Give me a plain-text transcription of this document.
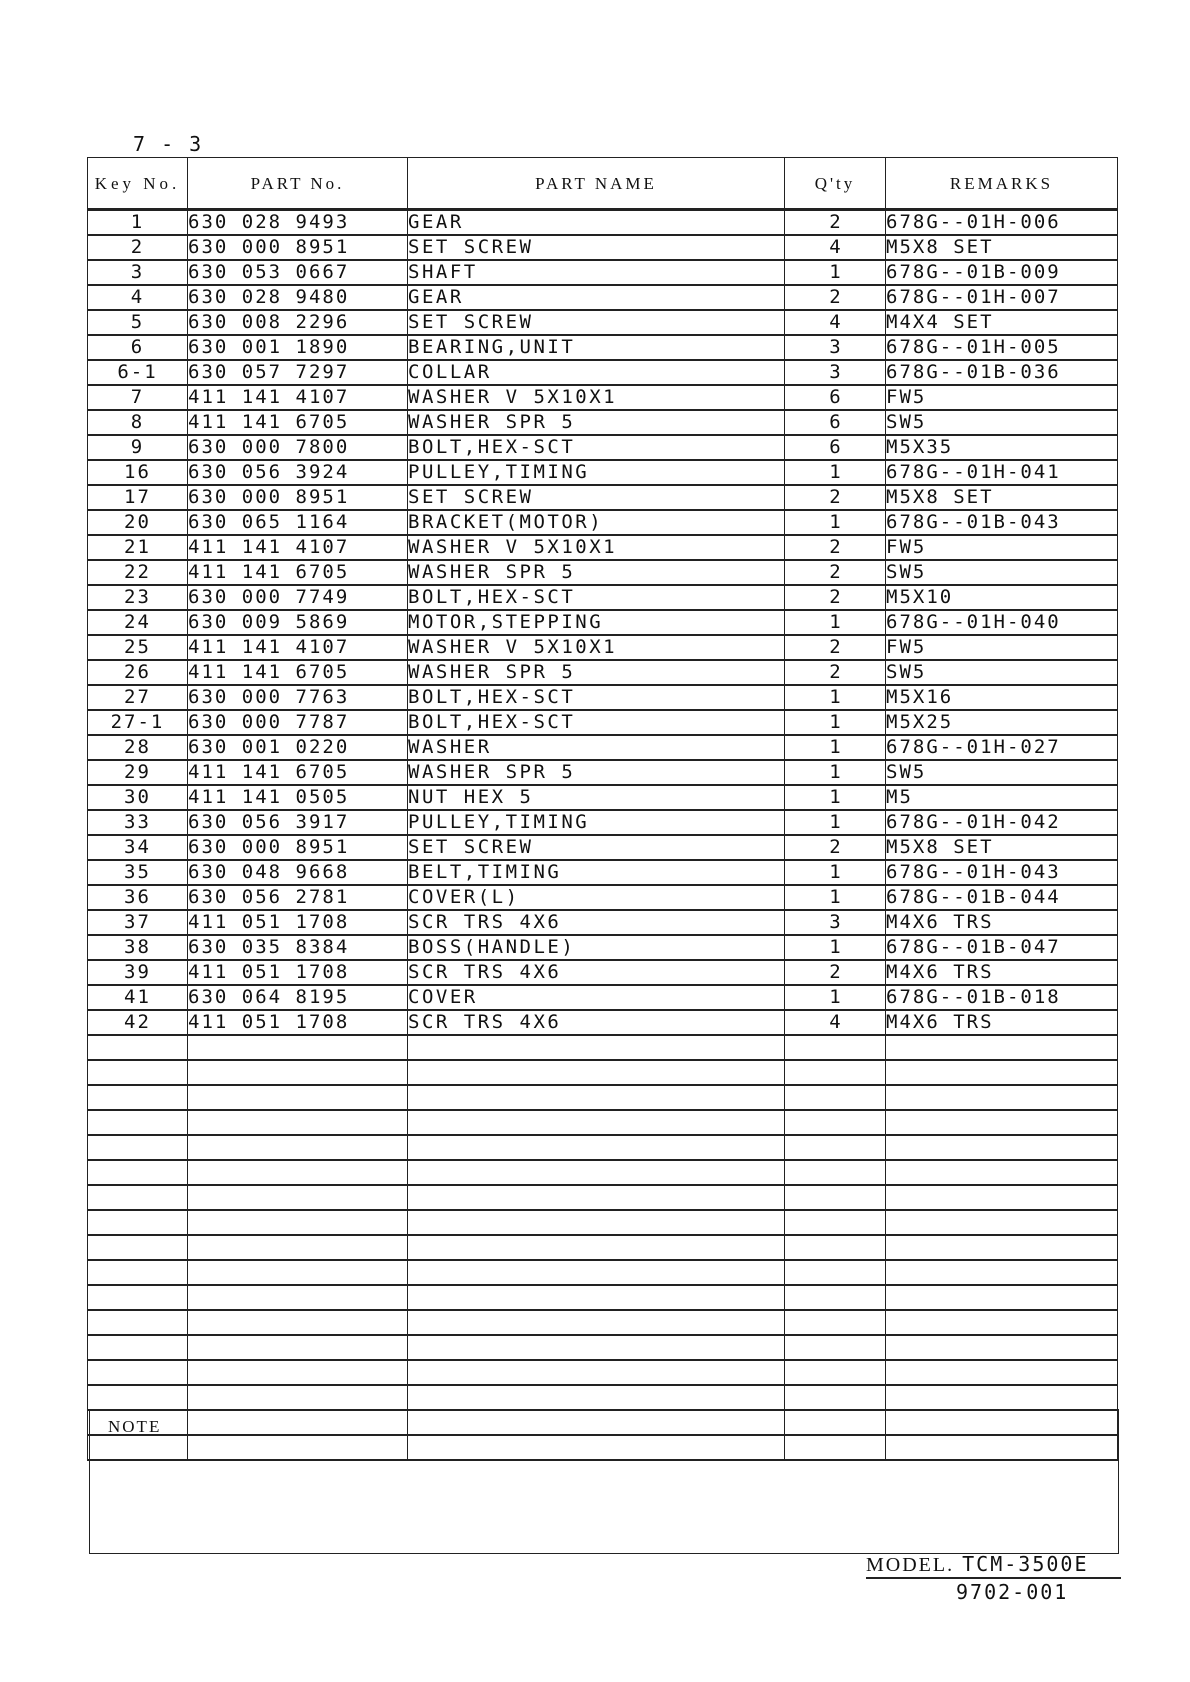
7 - 3
Key No.	PART No.	PART NAME	Q'ty	REMARKS
1	630 028 9493	GEAR	2	678G--01H-006
2	630 000 8951	SET SCREW	4	M5X8 SET
3	630 053 0667	SHAFT	1	678G--01B-009
4	630 028 9480	GEAR	2	678G--01H-007
5	630 008 2296	SET SCREW	4	M4X4 SET
6	630 001 1890	BEARING,UNIT	3	678G--01H-005
6-1	630 057 7297	COLLAR	3	678G--01B-036
7	411 141 4107	WASHER V 5X10X1	6	FW5
8	411 141 6705	WASHER SPR 5	6	SW5
9	630 000 7800	BOLT,HEX-SCT	6	M5X35
16	630 056 3924	PULLEY,TIMING	1	678G--01H-041
17	630 000 8951	SET SCREW	2	M5X8 SET
20	630 065 1164	BRACKET(MOTOR)	1	678G--01B-043
21	411 141 4107	WASHER V 5X10X1	2	FW5
22	411 141 6705	WASHER SPR 5	2	SW5
23	630 000 7749	BOLT,HEX-SCT	2	M5X10
24	630 009 5869	MOTOR,STEPPING	1	678G--01H-040
25	411 141 4107	WASHER V 5X10X1	2	FW5
26	411 141 6705	WASHER SPR 5	2	SW5
27	630 000 7763	BOLT,HEX-SCT	1	M5X16
27-1	630 000 7787	BOLT,HEX-SCT	1	M5X25
28	630 001 0220	WASHER	1	678G--01H-027
29	411 141 6705	WASHER SPR 5	1	SW5
30	411 141 0505	NUT HEX 5	1	M5
33	630 056 3917	PULLEY,TIMING	1	678G--01H-042
34	630 000 8951	SET SCREW	2	M5X8 SET
35	630 048 9668	BELT,TIMING	1	678G--01H-043
36	630 056 2781	COVER(L)	1	678G--01B-044
37	411 051 1708	SCR TRS 4X6	3	M4X6 TRS
38	630 035 8384	BOSS(HANDLE)	1	678G--01B-047
39	411 051 1708	SCR TRS 4X6	2	M4X6 TRS
41	630 064 8195	COVER	1	678G--01B-018
42	411 051 1708	SCR TRS 4X6	4	M4X6 TRS

NOTE
MODEL. TCM-3500E
9702-001
